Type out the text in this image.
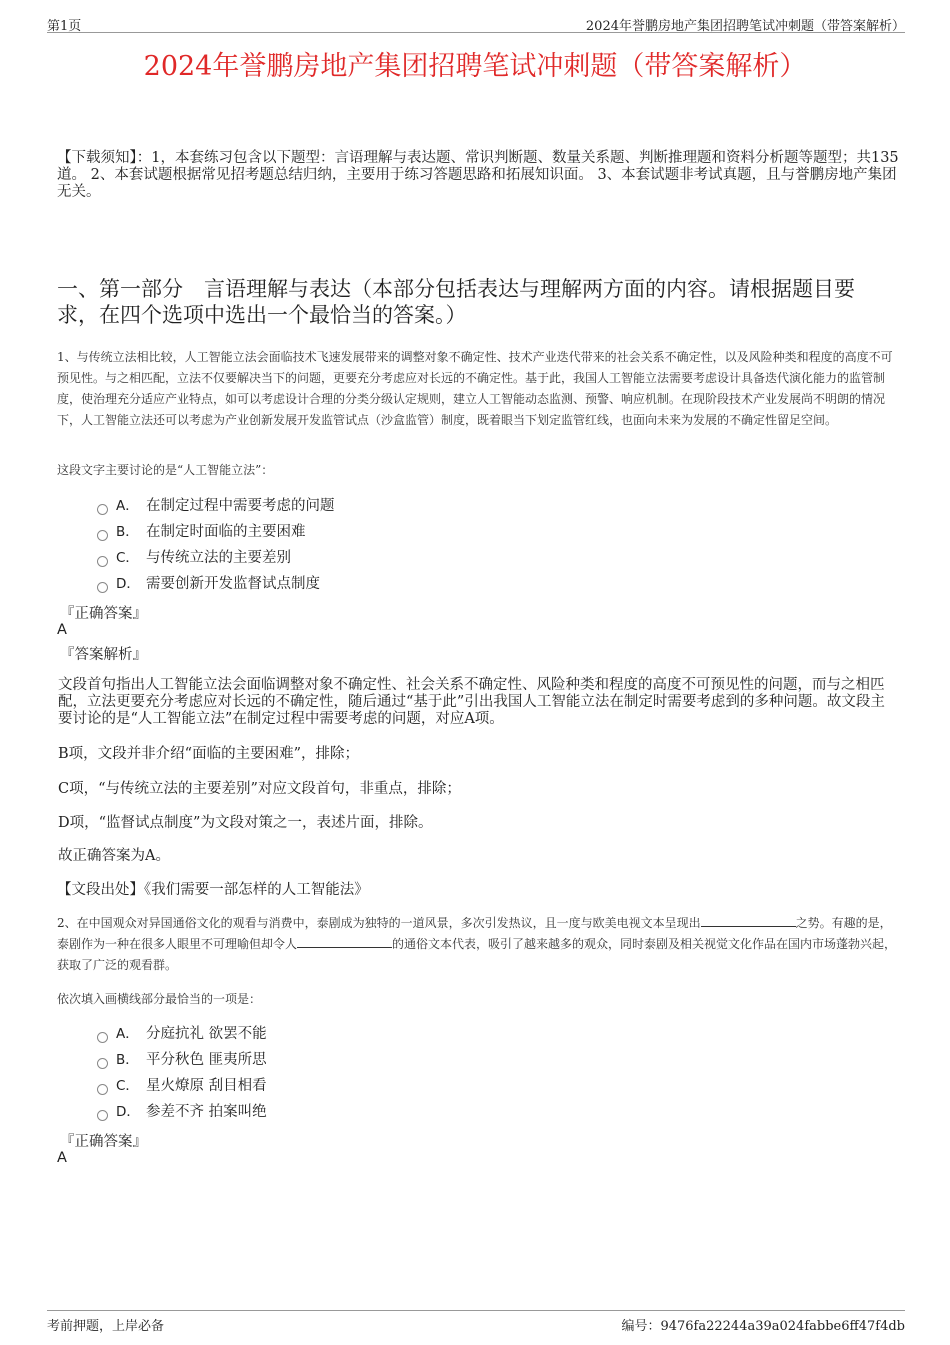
第1页	2024年誉鹏房地产集团招聘笔试冲刺题（带答案解析）
2024年誉鹏房地产集团招聘笔试冲刺题（带答案解析）
【下载须知】：1，本套练习包含以下题型：言语理解与表达题、常识判断题、数量关系题、判断推理题和资料分析题等题型；共135道。 2、本套试题根据常见招考题总结归纳，主要用于练习答题思路和拓展知识面。 3、本套试题非考试真题，且与誉鹏房地产集团无关。
一、第一部分　言语理解与表达（本部分包括表达与理解两方面的内容。请根据题目要求，在四个选项中选出一个最恰当的答案。）
1、与传统立法相比较，人工智能立法会面临技术飞速发展带来的调整对象不确定性、技术产业迭代带来的社会关系不确定性，以及风险种类和程度的高度不可预见性。与之相匹配，立法不仅要解决当下的问题，更要充分考虑应对长远的不确定性。基于此，我国人工智能立法需要考虑设计具备迭代演化能力的监管制度，使治理充分适应产业特点，如可以考虑设计合理的分类分级认定规则，建立人工智能动态监测、预警、响应机制。在现阶段技术产业发展尚不明朗的情况下，人工智能立法还可以考虑为产业创新发展开发监管试点（沙盒监管）制度，既着眼当下划定监管红线，也面向未来为发展的不确定性留足空间。
这段文字主要讨论的是“人工智能立法”：
A． 在制定过程中需要考虑的问题
B． 在制定时面临的主要困难
C． 与传统立法的主要差别
D． 需要创新开发监督试点制度
『正确答案』
A
『答案解析』
文段首句指出人工智能立法会面临调整对象不确定性、社会关系不确定性、风险种类和程度的高度不可预见性的问题，而与之相匹配，立法更要充分考虑应对长远的不确定性，随后通过“基于此”引出我国人工智能立法在制定时需要考虑到的多种问题。故文段主要讨论的是“人工智能立法”在制定过程中需要考虑的问题，对应A项。
B项，文段并非介绍“面临的主要困难”，排除；
C项，“与传统立法的主要差别”对应文段首句，非重点，排除；
D项，“监督试点制度”为文段对策之一，表述片面，排除。
故正确答案为A。
【文段出处】《我们需要一部怎样的人工智能法》
2、在中国观众对异国通俗文化的观看与消费中，泰剧成为独特的一道风景，多次引发热议，且一度与欧美电视文本呈现出	之势。有趣的是，泰剧作为一种在很多人眼里不可理喻但却令人	的通俗文本代表，吸引了越来越多的观众，同时泰剧及相关视觉文化作品在国内市场蓬勃兴起，获取了广泛的观看群。
依次填入画横线部分最恰当的一项是：
A． 分庭抗礼 欲罢不能
B． 平分秋色 匪夷所思
C． 星火燎原 刮目相看
D． 参差不齐 拍案叫绝
『正确答案』
A
考前押题，上岸必备	编号：9476fa22244a39a024fabbe6ff47f4db
